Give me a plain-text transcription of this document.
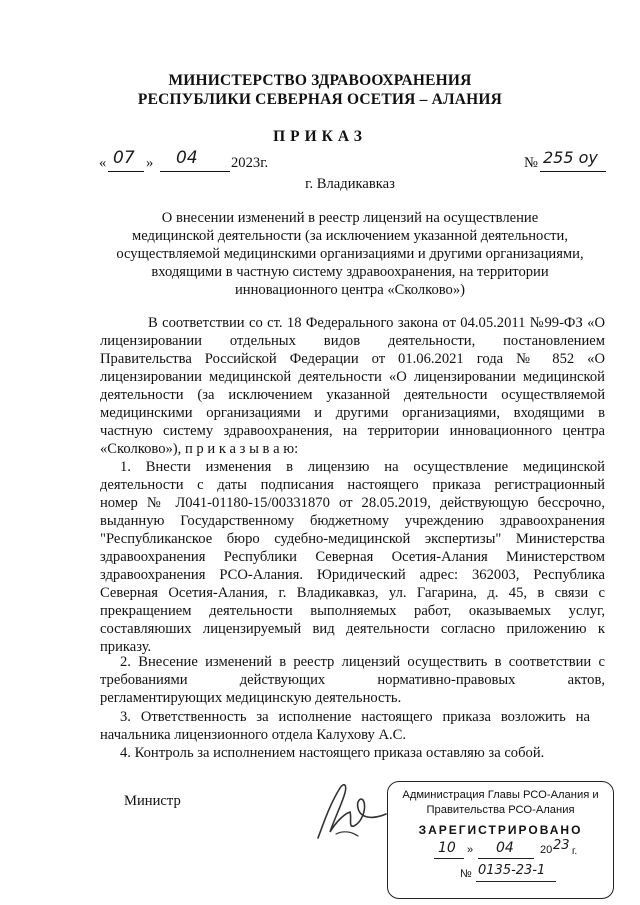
МИНИСТЕРСТВО ЗДРАВООХРАНЕНИЯ
РЕСПУБЛИКИ СЕВЕРНАЯ ОСЕТИЯ – АЛАНИЯ
ПРИКАЗ
« 07 » 04 2023г.	№ 255 оу
г. Владикавказ
О внесении изменений в реестр лицензий на осуществление
медицинской деятельности (за исключением указанной деятельности,
осуществляемой медицинскими организациями и другими организациями,
входящими в частную систему здравоохранения, на территории
инновационного центра «Сколково»)
В соответствии со ст. 18 Федерального закона от 04.05.2011 №99-ФЗ «О
лицензировании отдельных видов деятельности, постановлением
Правительства Российской Федерации от 01.06.2021 года № 852 «О
лицензировании медицинской деятельности «О лицензировании медицинской
деятельности (за исключением указанной деятельности осуществляемой
медицинскими организациями и другими организациями, входящими в
частную систему здравоохранения, на территории инновационного центра
«Сколково»), п р и к а з ы в а ю:
1. Внести изменения в лицензию на осуществление медицинской
деятельности с даты подписания настоящего приказа регистрационный
номер № Л041-01180-15/00331870 от 28.05.2019, действующую бессрочно,
выданную Государственному бюджетному учреждению здравоохранения
"Республиканское бюро судебно-медицинской экспертизы" Министерства
здравоохранения Республики Северная Осетия-Алания Министерством
здравоохранения РСО-Алания. Юридический адрес: 362003, Республика
Северная Осетия-Алания, г. Владикавказ, ул. Гагарина, д. 45, в связи с
прекращением деятельности выполняемых работ, оказываемых услуг,
составляюших лицензируемый вид деятельности согласно приложению к
приказу.
2. Внесение изменений в реестр лицензий осуществить в соответствии с
требованиями действующих нормативно-правовых актов,
регламентирующих медицинскую деятельность.
3. Ответственность за исполнение настоящего приказа возложить на
начальника лицензионного отдела Калухову А.С.
4. Контроль за исполнением настоящего приказа оставляю за собой.
Министр	Администрация Главы РСО-Алания и
Правительства РСО-Алания
ЗАРЕГИСТРИРОВАНО
10 » 04 20 23 г.
№ 0135-23-1
